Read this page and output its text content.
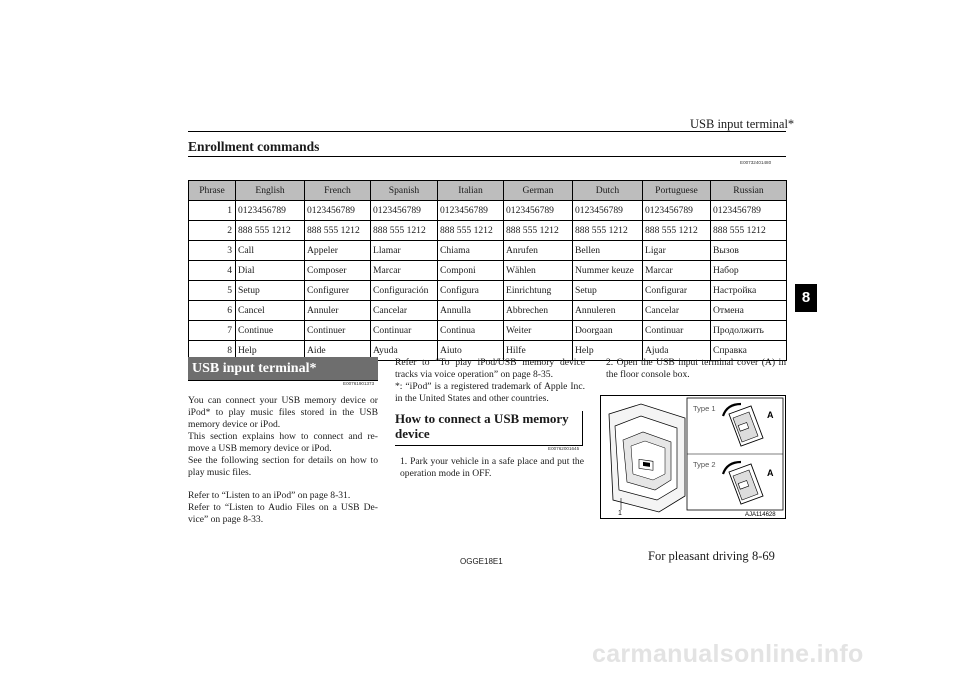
USB input terminal*
8
Enrollment commands
E00732401480
Phrase	English	French	Spanish	Italian	German	Dutch	Portuguese	Russian
1	0123456789	0123456789	0123456789	0123456789	0123456789	0123456789	0123456789	0123456789
2	888 555 1212	888 555 1212	888 555 1212	888 555 1212	888 555 1212	888 555 1212	888 555 1212	888 555 1212
3	Call	Appeler	Llamar	Chiama	Anrufen	Bellen	Ligar	Вызов
4	Dial	Composer	Marcar	Componi	Wählen	Nummer keuze	Marcar	Набор
5	Setup	Configurer	Configuración	Configura	Einrichtung	Setup	Configurar	Настройка
6	Cancel	Annuler	Cancelar	Annulla	Abbrechen	Annuleren	Cancelar	Отмена
7	Continue	Continuer	Continuar	Continua	Weiter	Doorgaan	Continuar	Продолжить
8	Help	Aide	Ayuda	Aiuto	Hilfe	Help	Ajuda	Справка
USB input terminal*
E00761901373

You can connect your USB memory device or iPod* to play music files stored in the USB memory device or iPod.

This section explains how to connect and re-move a USB memory device or iPod.

See the following section for details on how to play music files.

Refer to “Listen to an iPod” on page 8-31.

Refer to “Listen to Audio Files on a USB De-vice” on page 8-33.

Refer to “To play iPod/USB memory device tracks via voice operation” on page 8-35.

*: “iPod” is a registered trademark of Apple Inc. in the United States and other countries.

How to connect a USB memory device
E00762001645
1. Park your vehicle in a safe place and put the operation mode in OFF.
2. Open the USB input terminal cover (A) in the floor console box.
1
Type 1
Type 2
A
A
AJA114628
OGGE18E1	For pleasant driving 8-69
carmanualsonline.info
